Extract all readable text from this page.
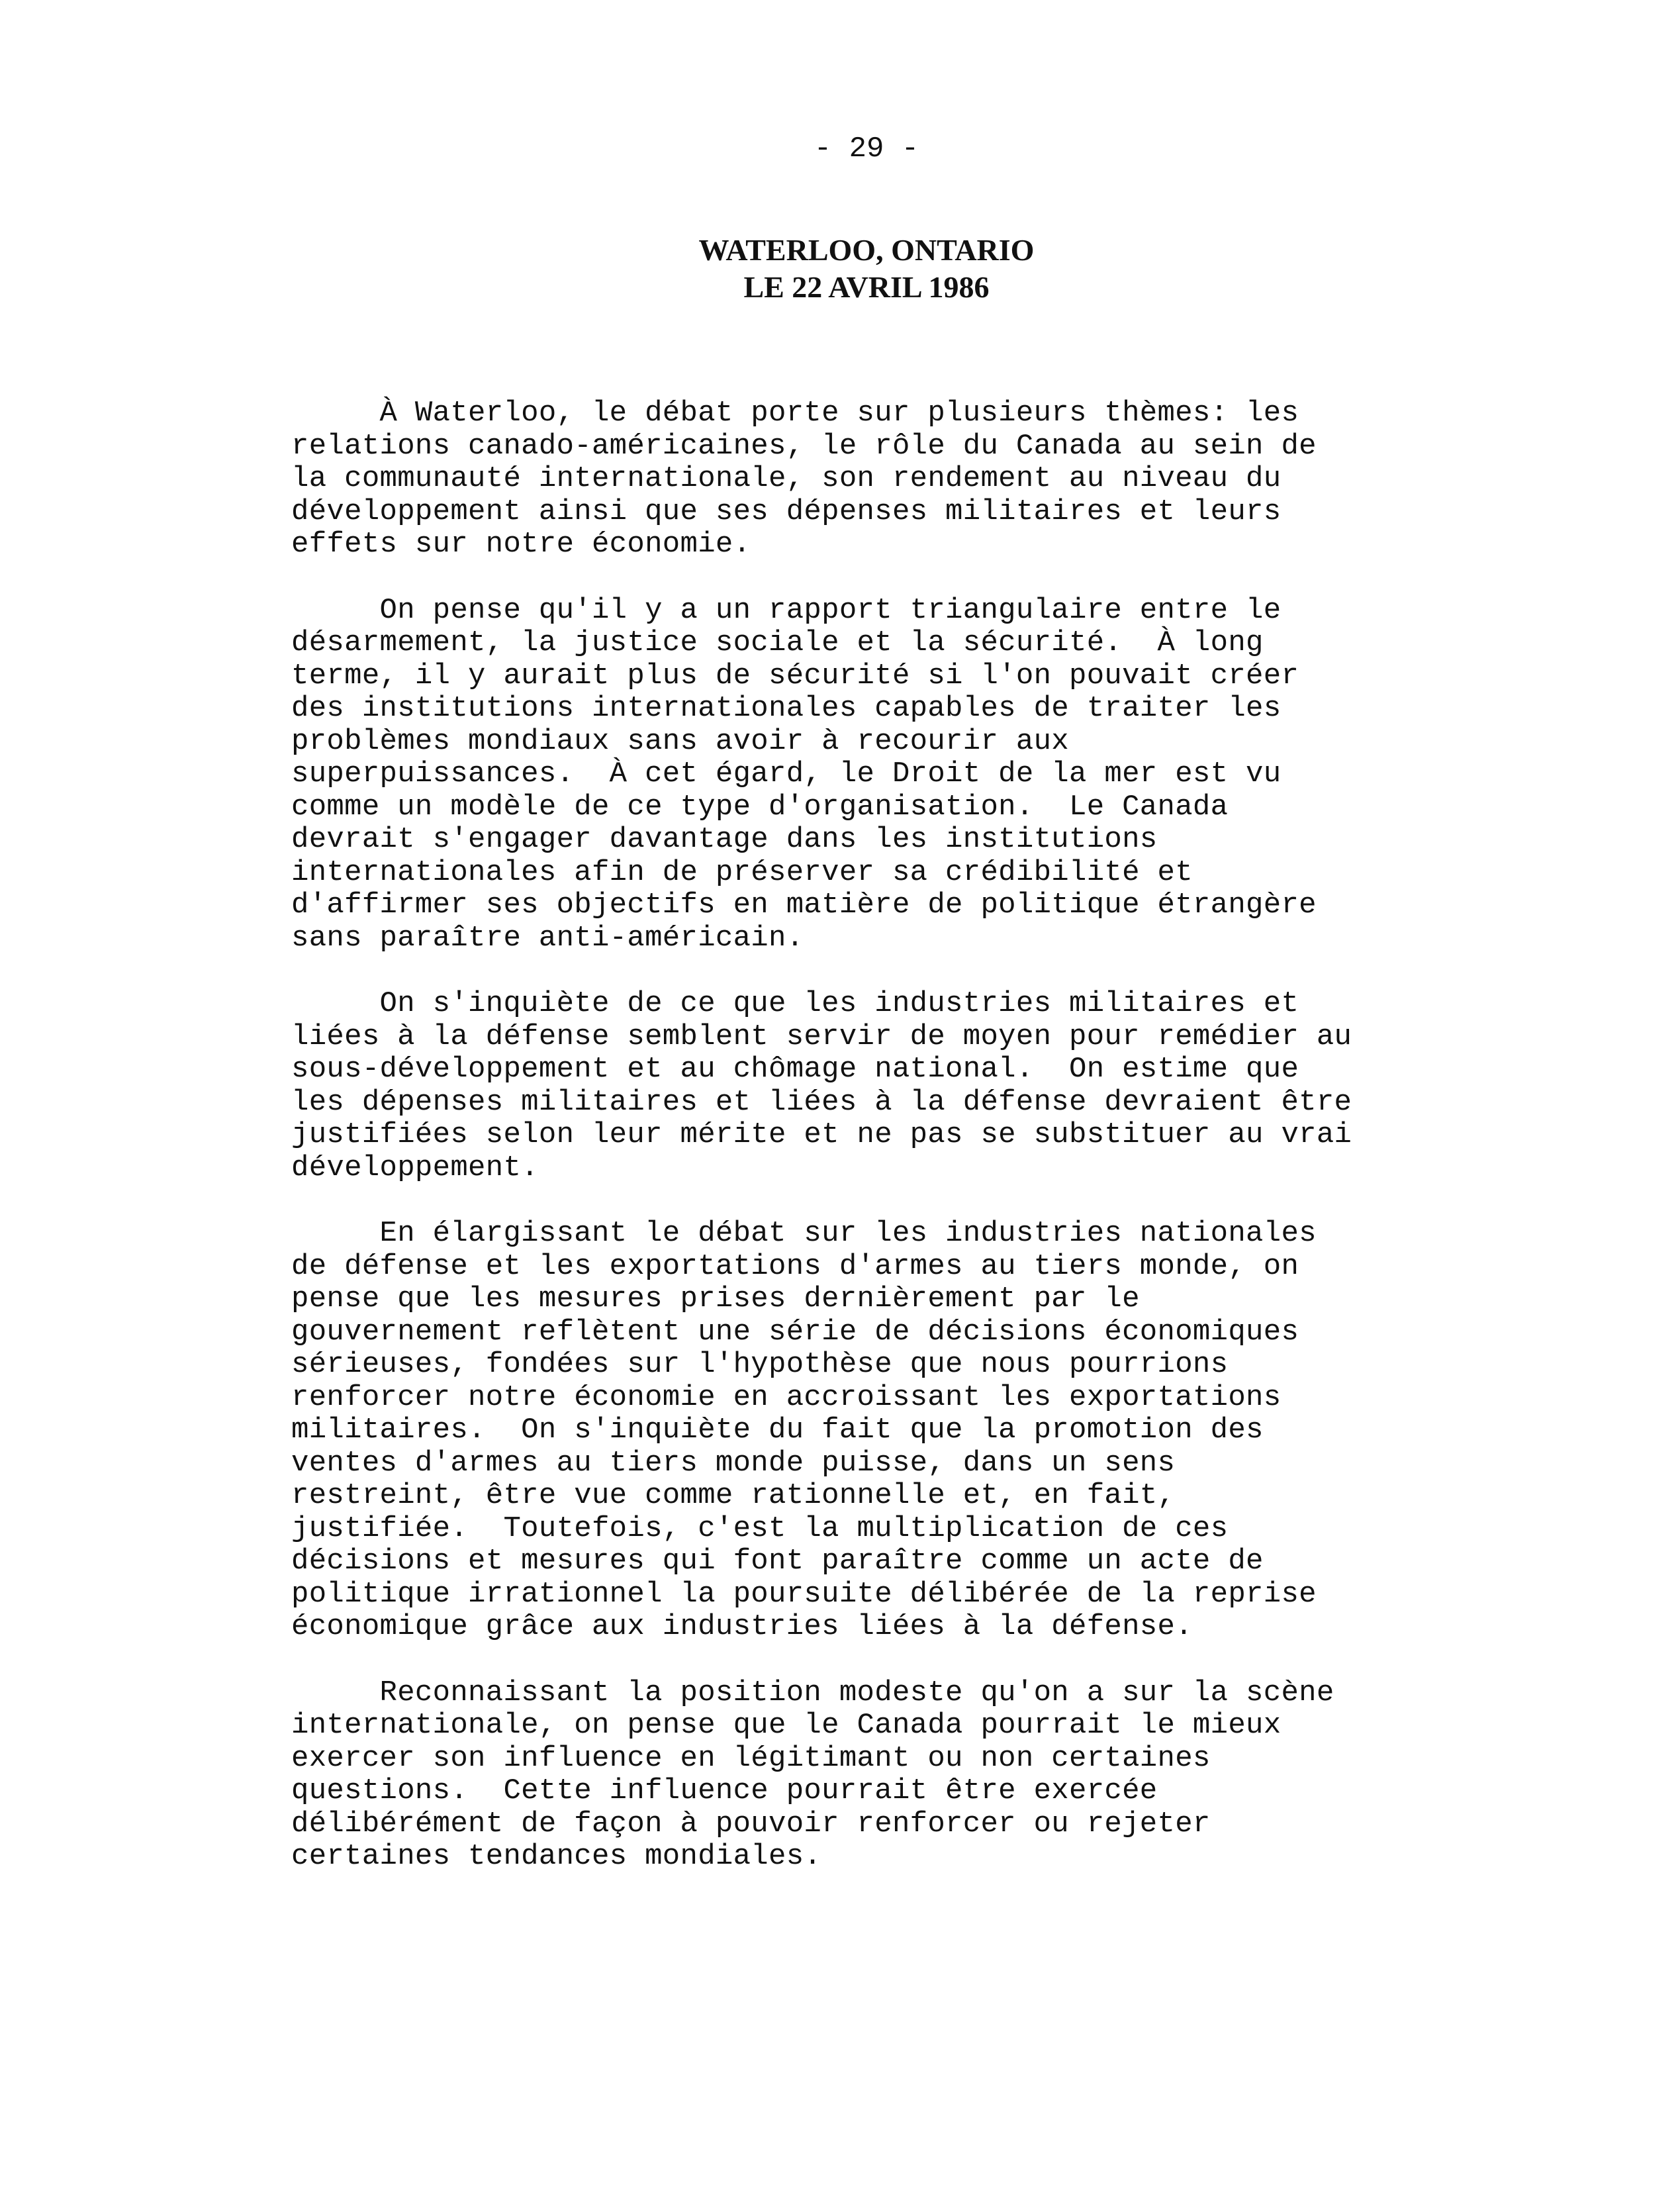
- 29 -
WATERLOO, ONTARIO
LE 22 AVRIL 1986

À Waterloo, le débat porte sur plusieurs thèmes: les
relations canado-américaines, le rôle du Canada au sein de
la communauté internationale, son rendement au niveau du
développement ainsi que ses dépenses militaires et leurs
effets sur notre économie.

On pense qu'il y a un rapport triangulaire entre le
désarmement, la justice sociale et la sécurité.  À long
terme, il y aurait plus de sécurité si l'on pouvait créer
des institutions internationales capables de traiter les
problèmes mondiaux sans avoir à recourir aux
superpuissances.  À cet égard, le Droit de la mer est vu
comme un modèle de ce type d'organisation.  Le Canada
devrait s'engager davantage dans les institutions
internationales afin de préserver sa crédibilité et
d'affirmer ses objectifs en matière de politique étrangère
sans paraître anti-américain.

On s'inquiète de ce que les industries militaires et
liées à la défense semblent servir de moyen pour remédier au
sous-développement et au chômage national.  On estime que
les dépenses militaires et liées à la défense devraient être
justifiées selon leur mérite et ne pas se substituer au vrai
développement.

En élargissant le débat sur les industries nationales
de défense et les exportations d'armes au tiers monde, on
pense que les mesures prises dernièrement par le
gouvernement reflètent une série de décisions économiques
sérieuses, fondées sur l'hypothèse que nous pourrions
renforcer notre économie en accroissant les exportations
militaires.  On s'inquiète du fait que la promotion des
ventes d'armes au tiers monde puisse, dans un sens
restreint, être vue comme rationnelle et, en fait,
justifiée.  Toutefois, c'est la multiplication de ces
décisions et mesures qui font paraître comme un acte de
politique irrationnel la poursuite délibérée de la reprise
économique grâce aux industries liées à la défense.

Reconnaissant la position modeste qu'on a sur la scène
internationale, on pense que le Canada pourrait le mieux
exercer son influence en légitimant ou non certaines
questions.  Cette influence pourrait être exercée
délibérément de façon à pouvoir renforcer ou rejeter
certaines tendances mondiales.
